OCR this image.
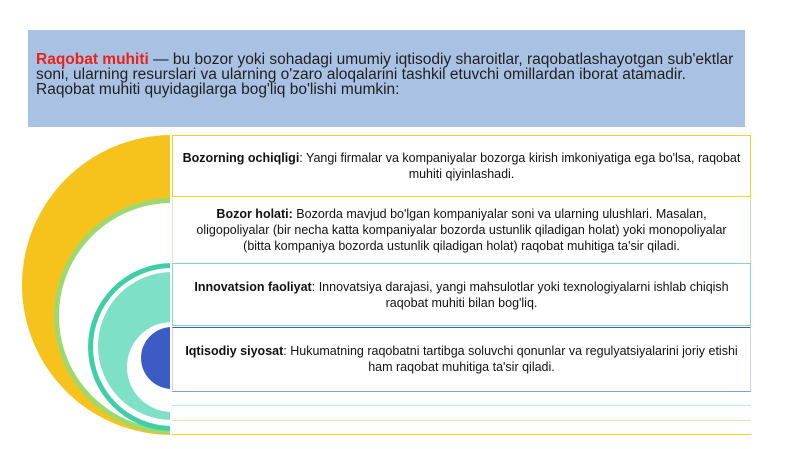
Raqobat muhiti — bu bozor yoki sohadagi umumiy iqtisodiy sharoitlar, raqobatlashayotgan sub'ektlar soni, ularning resurslari va ularning o'zaro aloqalarini tashkil etuvchi omillardan iborat atamadir. Raqobat muhiti quyidagilarga bog'liq bo'lishi mumkin:

Bozorning ochiqligi: Yangi firmalar va kompaniyalar bozorga kirish imkoniyatiga ega bo'lsa, raqobat muhiti qiyinlashadi.
Bozor holati: Bozorda mavjud bo'lgan kompaniyalar soni va ularning ulushlari. Masalan, oligopoliyalar (bir necha katta kompaniyalar bozorda ustunlik qiladigan holat) yoki monopoliyalar (bitta kompaniya bozorda ustunlik qiladigan holat) raqobat muhitiga ta'sir qiladi.
Innovatsion faoliyat: Innovatsiya darajasi, yangi mahsulotlar yoki texnologiyalarni ishlab chiqish raqobat muhiti bilan bog'liq.
Iqtisodiy siyosat: Hukumatning raqobatni tartibga soluvchi qonunlar va regulyatsiyalarini joriy etishi ham raqobat muhitiga ta'sir qiladi.
